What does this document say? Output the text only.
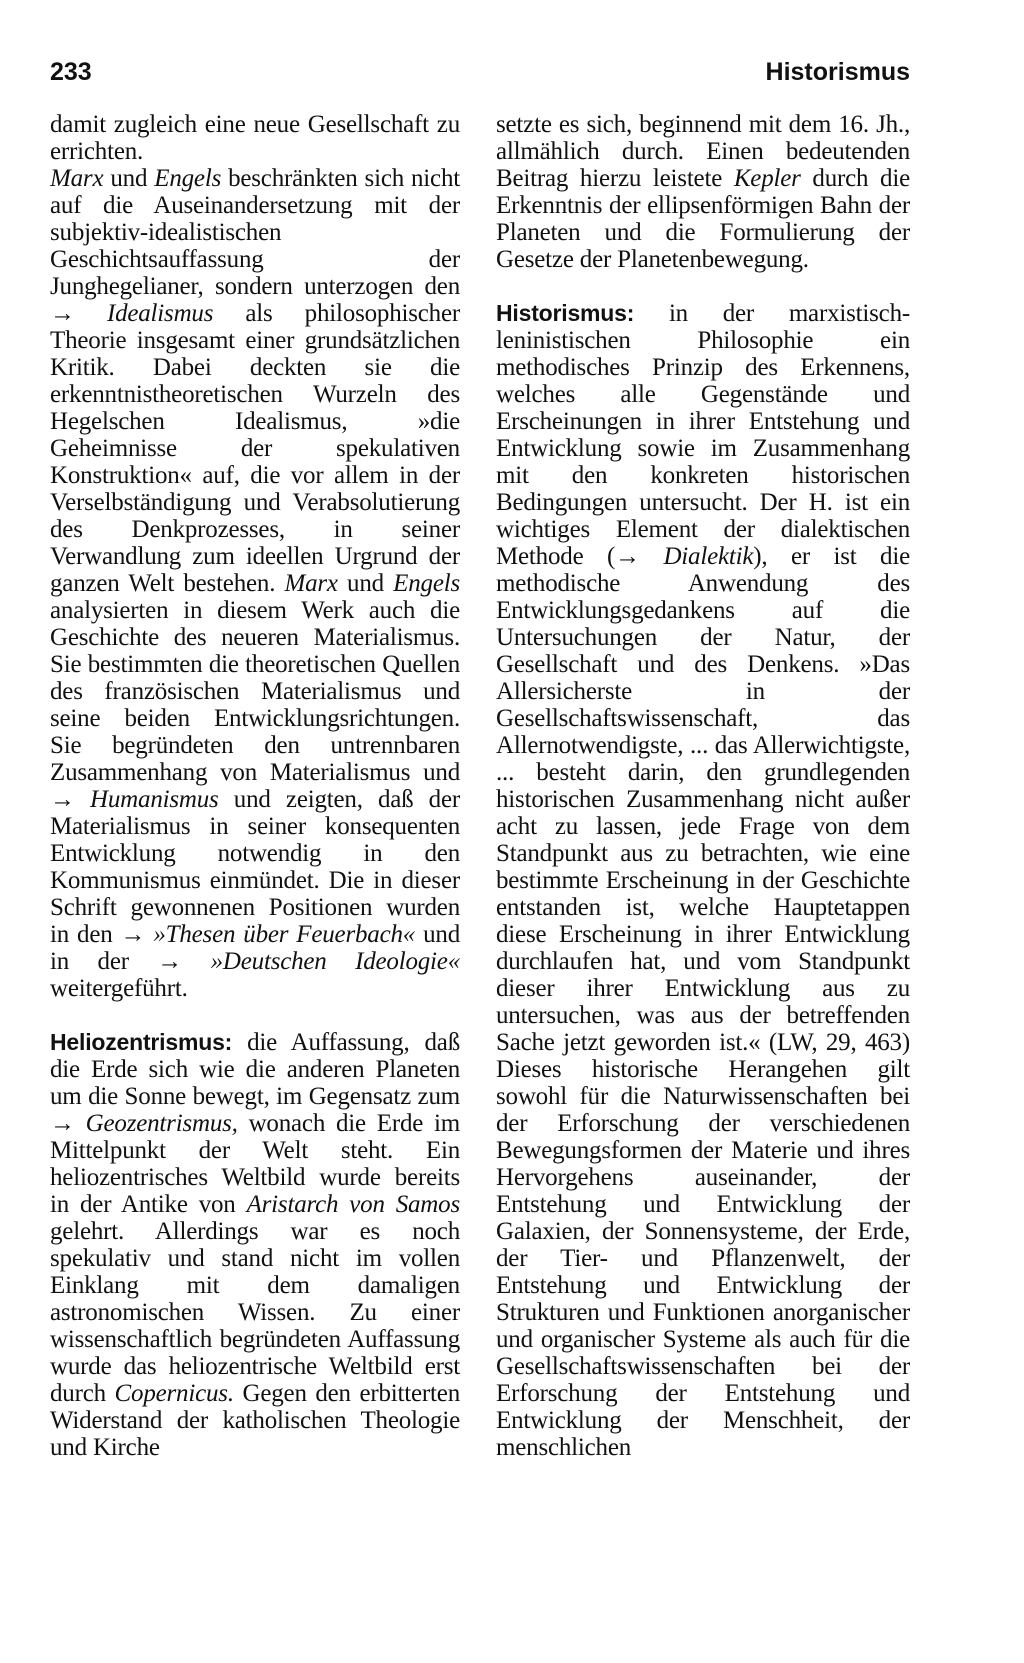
233	Historismus

damit zugleich eine neue Gesellschaft zu errichten.

Marx und Engels beschränkten sich nicht auf die Auseinandersetzung mit der subjektiv-idealistischen Geschichtsauffassung der Junghegelianer, sondern unterzogen den → Idealismus als philosophischer Theorie insgesamt einer grundsätzlichen Kritik. Dabei deckten sie die erkenntnistheoretischen Wurzeln des Hegelschen Idealismus, »die Geheimnisse der spekulativen Konstruktion« auf, die vor allem in der Verselbständigung und Verabsolutierung des Denkprozesses, in seiner Verwandlung zum ideellen Urgrund der ganzen Welt bestehen. Marx und Engels analysierten in diesem Werk auch die Geschichte des neueren Materialismus. Sie bestimmten die theoretischen Quellen des französischen Materialismus und seine beiden Entwicklungsrichtungen. Sie begründeten den untrennbaren Zusammenhang von Materialismus und → Humanismus und zeigten, daß der Materialismus in seiner konsequenten Entwicklung notwendig in den Kommunismus einmündet. Die in dieser Schrift gewonnenen Positionen wurden in den → »Thesen über Feuerbach« und in der → »Deutschen Ideologie« weitergeführt.

Heliozentrismus: die Auffassung, daß die Erde sich wie die anderen Planeten um die Sonne bewegt, im Gegensatz zum → Geozentrismus, wonach die Erde im Mittelpunkt der Welt steht. Ein heliozentrisches Weltbild wurde bereits in der Antike von Aristarch von Samos gelehrt. Allerdings war es noch spekulativ und stand nicht im vollen Einklang mit dem damaligen astronomischen Wissen. Zu einer wissenschaftlich begründeten Auffassung wurde das heliozentrische Weltbild erst durch Copernicus. Gegen den erbitterten Widerstand der katholischen Theologie und Kirche

setzte es sich, beginnend mit dem 16. Jh., allmählich durch. Einen bedeutenden Beitrag hierzu leistete Kepler durch die Erkenntnis der ellipsenförmigen Bahn der Planeten und die Formulierung der Gesetze der Planetenbewegung.

Historismus: in der marxistisch-leninistischen Philosophie ein methodisches Prinzip des Erkennens, welches alle Gegenstände und Erscheinungen in ihrer Entstehung und Entwicklung sowie im Zusammenhang mit den konkreten historischen Bedingungen untersucht. Der H. ist ein wichtiges Element der dialektischen Methode (→ Dialektik), er ist die methodische Anwendung des Entwicklungsgedankens auf die Untersuchungen der Natur, der Gesellschaft und des Denkens. »Das Allersicherste in der Gesellschaftswissenschaft, das Allernotwendigste, ... das Allerwichtigste, ... besteht darin, den grundlegenden historischen Zusammenhang nicht außer acht zu lassen, jede Frage von dem Standpunkt aus zu betrachten, wie eine bestimmte Erscheinung in der Geschichte entstanden ist, welche Hauptetappen diese Erscheinung in ihrer Entwicklung durchlaufen hat, und vom Standpunkt dieser ihrer Entwicklung aus zu untersuchen, was aus der betreffenden Sache jetzt geworden ist.« (LW, 29, 463) Dieses historische Herangehen gilt sowohl für die Naturwissenschaften bei der Erforschung der verschiedenen Bewegungsformen der Materie und ihres Hervorgehens auseinander, der Entstehung und Entwicklung der Galaxien, der Sonnensysteme, der Erde, der Tier- und Pflanzenwelt, der Entstehung und Entwicklung der Strukturen und Funktionen anorganischer und organischer Systeme als auch für die Gesellschaftswissenschaften bei der Erforschung der Entstehung und Entwicklung der Menschheit, der menschlichen
